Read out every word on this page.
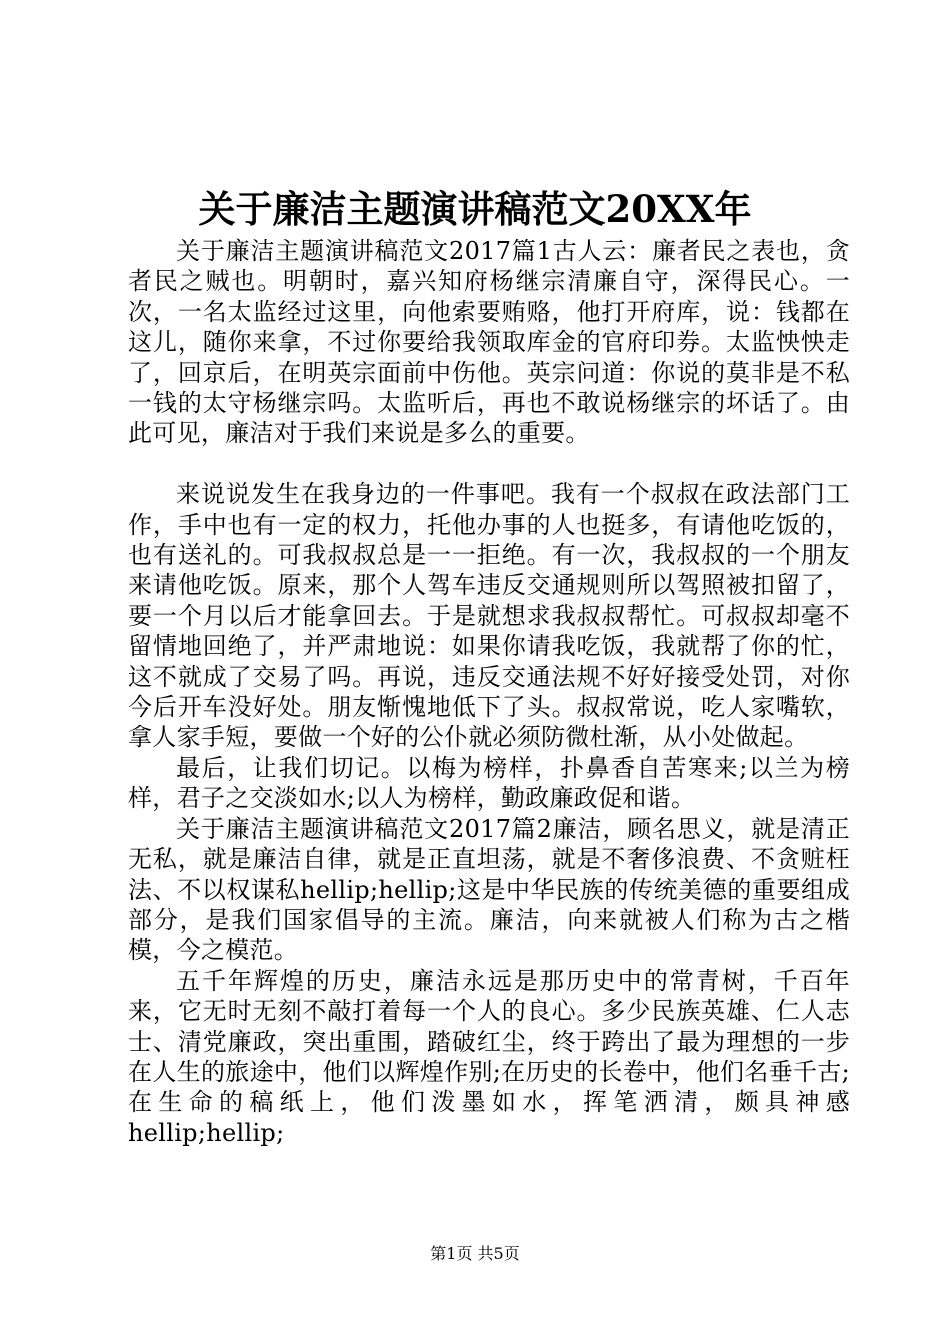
关于廉洁主题演讲稿范文20XX年

关于廉洁主题演讲稿范文2017篇1古人云：廉者民之表也，贪者民之贼也。明朝时，嘉兴知府杨继宗清廉自守，深得民心。一次，一名太监经过这里，向他索要贿赂，他打开府库，说：钱都在这儿，随你来拿，不过你要给我领取库金的官府印券。太监怏怏走了，回京后，在明英宗面前中伤他。英宗问道：你说的莫非是不私一钱的太守杨继宗吗。太监听后，再也不敢说杨继宗的坏话了。由此可见，廉洁对于我们来说是多么的重要。

来说说发生在我身边的一件事吧。我有一个叔叔在政法部门工作，手中也有一定的权力，托他办事的人也挺多，有请他吃饭的，也有送礼的。可我叔叔总是一一拒绝。有一次，我叔叔的一个朋友来请他吃饭。原来，那个人驾车违反交通规则所以驾照被扣留了，要一个月以后才能拿回去。于是就想求我叔叔帮忙。可叔叔却毫不留情地回绝了，并严肃地说：如果你请我吃饭，我就帮了你的忙，这不就成了交易了吗。再说，违反交通法规不好好接受处罚，对你今后开车没好处。朋友惭愧地低下了头。叔叔常说，吃人家嘴软，拿人家手短，要做一个好的公仆就必须防微杜渐，从小处做起。

最后，让我们切记。以梅为榜样，扑鼻香自苦寒来;以兰为榜样，君子之交淡如水;以人为榜样，勤政廉政促和谐。

关于廉洁主题演讲稿范文2017篇2廉洁，顾名思义，就是清正无私，就是廉洁自律，就是正直坦荡，就是不奢侈浪费、不贪赃枉法、不以权谋私hellip;hellip;这是中华民族的传统美德的重要组成部分，是我们国家倡导的主流。廉洁，向来就被人们称为古之楷模，今之模范。

五千年辉煌的历史，廉洁永远是那历史中的常青树，千百年来，它无时无刻不敲打着每一个人的良心。多少民族英雄、仁人志士、清党廉政，突出重围，踏破红尘，终于跨出了最为理想的一步在人生的旅途中，他们以辉煌作别;在历史的长卷中，他们名垂千古;在生命的稿纸上，他们泼墨如水，挥笔洒清，颇具神感hellip;hellip;

第1页 共5页
